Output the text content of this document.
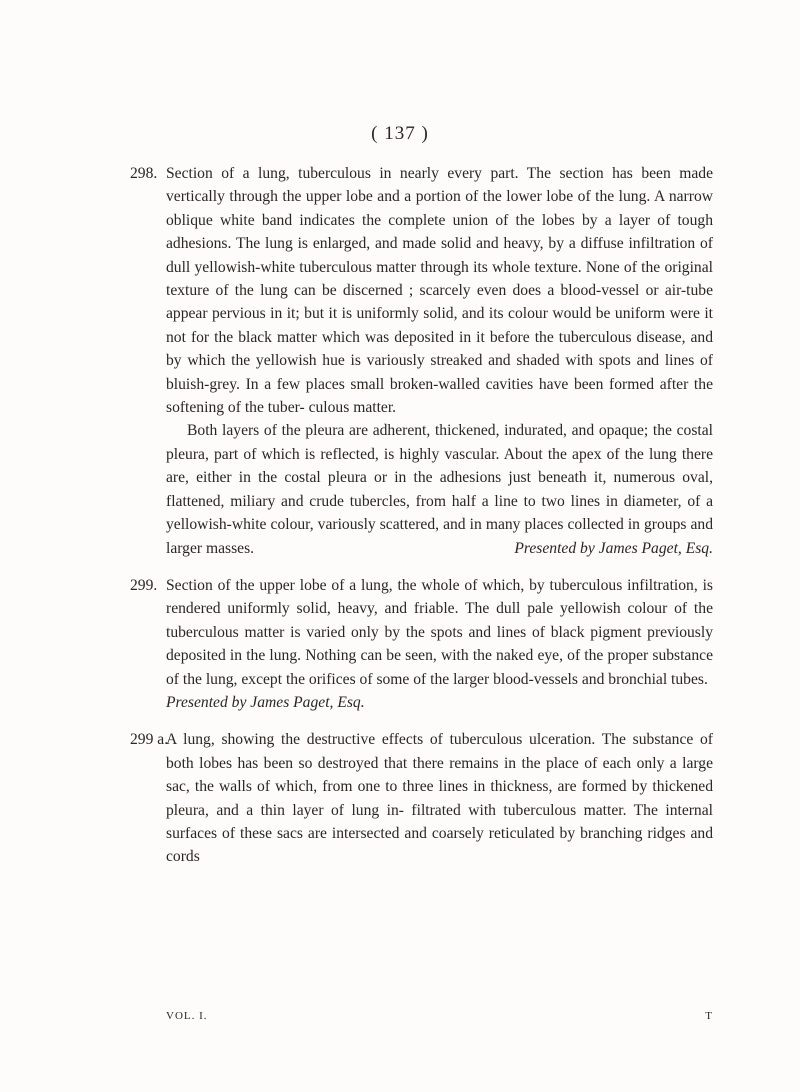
( 137 )
298. Section of a lung, tuberculous in nearly every part. The section has been made vertically through the upper lobe and a portion of the lower lobe of the lung. A narrow oblique white band indicates the complete union of the lobes by a layer of tough adhesions. The lung is enlarged, and made solid and heavy, by a diffuse infiltration of dull yellowish-white tuberculous matter through its whole texture. None of the original texture of the lung can be discerned ; scarcely even does a blood-vessel or air-tube appear pervious in it; but it is uniformly solid, and its colour would be uniform were it not for the black matter which was deposited in it before the tuberculous disease, and by which the yellowish hue is variously streaked and shaded with spots and lines of bluish-grey. In a few places small broken-walled cavities have been formed after the softening of the tuber- culous matter.

Both layers of the pleura are adherent, thickened, indurated, and opaque; the costal pleura, part of which is reflected, is highly vascular. About the apex of the lung there are, either in the costal pleura or in the adhesions just beneath it, numerous oval, flattened, miliary and crude tubercles, from half a line to two lines in diameter, of a yellowish-white colour, variously scattered, and in many places collected in groups and larger masses.	Presented by James Paget, Esq.

299. Section of the upper lobe of a lung, the whole of which, by tuberculous infiltration, is rendered uniformly solid, heavy, and friable. The dull pale yellowish colour of the tuberculous matter is varied only by the spots and lines of black pigment previously deposited in the lung. Nothing can be seen, with the naked eye, of the proper substance of the lung, except the orifices of some of the larger blood-vessels and bronchial tubes.

Presented by James Paget, Esq.

299 a.

A lung, showing the destructive effects of tuberculous ulceration. The substance of both lobes has been so destroyed that there remains in the place of each only a large sac, the walls of which, from one to three lines in thickness, are formed by thickened pleura, and a thin layer of lung in- filtrated with tuberculous matter. The internal surfaces of these sacs are intersected and coarsely reticulated by branching ridges and cords

VOL. I.	T
